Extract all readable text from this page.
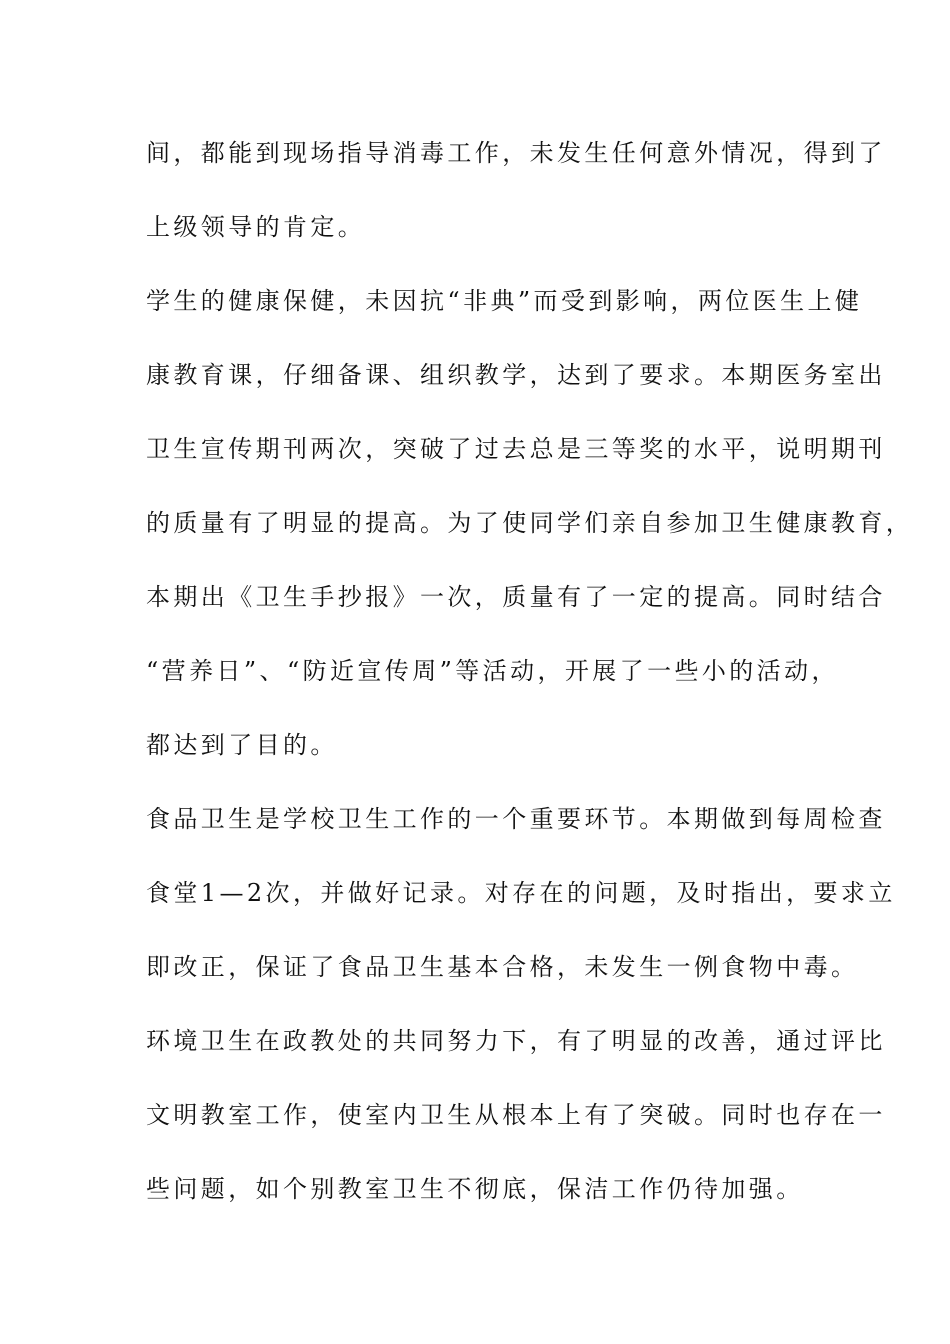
间，都能到现场指导消毒工作，未发生任何意外情况，得到了
上级领导的肯定。
学生的健康保健，未因抗“非典”而受到影响，两位医生上健
康教育课，仔细备课、组织教学，达到了要求。本期医务室出
卫生宣传期刊两次，突破了过去总是三等奖的水平，说明期刊
的质量有了明显的提高。为了使同学们亲自参加卫生健康教育，
本期出《卫生手抄报》一次，质量有了一定的提高。同时结合
“营养日”、“防近宣传周”等活动，开展了一些小的活动，
都达到了目的。
食品卫生是学校卫生工作的一个重要环节。本期做到每周检查
食堂1—2次，并做好记录。对存在的问题，及时指出，要求立
即改正，保证了食品卫生基本合格，未发生一例食物中毒。
环境卫生在政教处的共同努力下，有了明显的改善，通过评比
文明教室工作，使室内卫生从根本上有了突破。同时也存在一
些问题，如个别教室卫生不彻底，保洁工作仍待加强。
